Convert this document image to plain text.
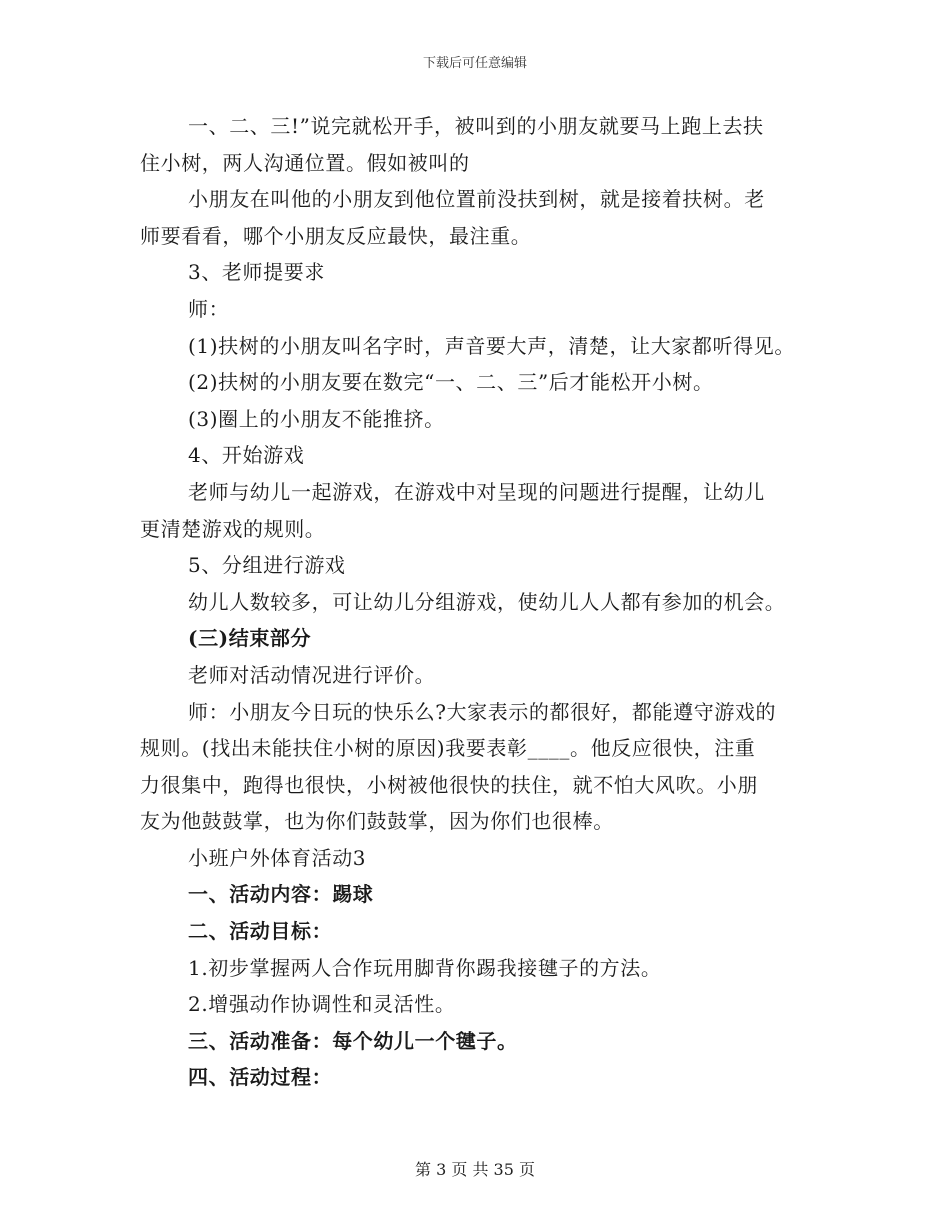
下载后可任意编辑
一、二、三!”说完就松开手，被叫到的小朋友就要马上跑上去扶
住小树，两人沟通位置。假如被叫的
小朋友在叫他的小朋友到他位置前没扶到树，就是接着扶树。老
师要看看，哪个小朋友反应最快，最注重。
3、老师提要求
师：
(1)扶树的小朋友叫名字时，声音要大声，清楚，让大家都听得见。
(2)扶树的小朋友要在数完“一、二、三”后才能松开小树。
(3)圈上的小朋友不能推挤。
4、开始游戏
老师与幼儿一起游戏，在游戏中对呈现的问题进行提醒，让幼儿
更清楚游戏的规则。
5、分组进行游戏
幼儿人数较多，可让幼儿分组游戏，使幼儿人人都有参加的机会。
(三)结束部分
老师对活动情况进行评价。
师：小朋友今日玩的快乐么?大家表示的都很好，都能遵守游戏的
规则。(找出未能扶住小树的原因)我要表彰____。他反应很快，注重
力很集中，跑得也很快，小树被他很快的扶住，就不怕大风吹。小朋
友为他鼓鼓掌，也为你们鼓鼓掌，因为你们也很棒。
小班户外体育活动3
一、活动内容：踢球
二、活动目标：
1.初步掌握两人合作玩用脚背你踢我接毽子的方法。
2.增强动作协调性和灵活性。
三、活动准备：每个幼儿一个毽子。
四、活动过程：
第 3 页 共 35 页
